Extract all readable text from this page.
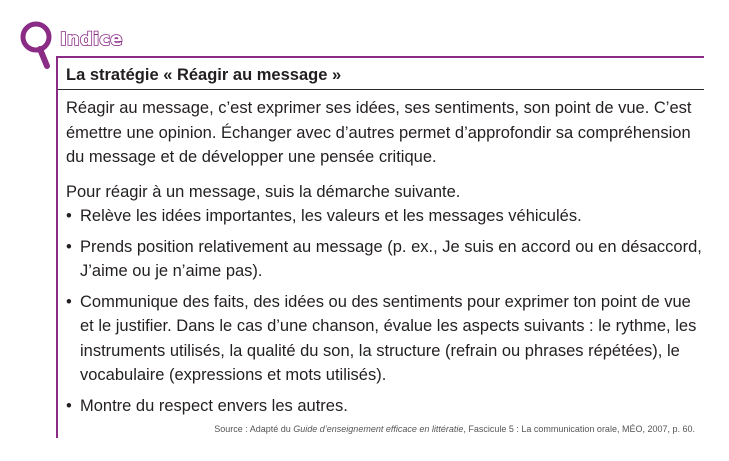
Indice
La stratégie « Réagir au message »

Réagir au message, c’est exprimer ses idées, ses sentiments, son point de vue. C’est émettre une opinion. Échanger avec d’autres permet d’approfondir sa compréhension du message et de développer une pensée critique.

Pour réagir à un message, suis la démarche suivante.

• Relève les idées importantes, les valeurs et les messages véhiculés.
• Prends position relativement au message (p. ex., Je suis en accord ou en désaccord, J’aime ou je n’aime pas).
• Communique des faits, des idées ou des sentiments pour exprimer ton point de vue et le justifier. Dans le cas d’une chanson, évalue les aspects suivants : le rythme, les instruments utilisés, la qualité du son, la structure (refrain ou phrases répétées), le vocabulaire (expressions et mots utilisés).
• Montre du respect envers les autres.
Source : Adapté du Guide d’enseignement efficace en littératie, Fascicule 5 : La communication orale, MÉO, 2007, p. 60.
